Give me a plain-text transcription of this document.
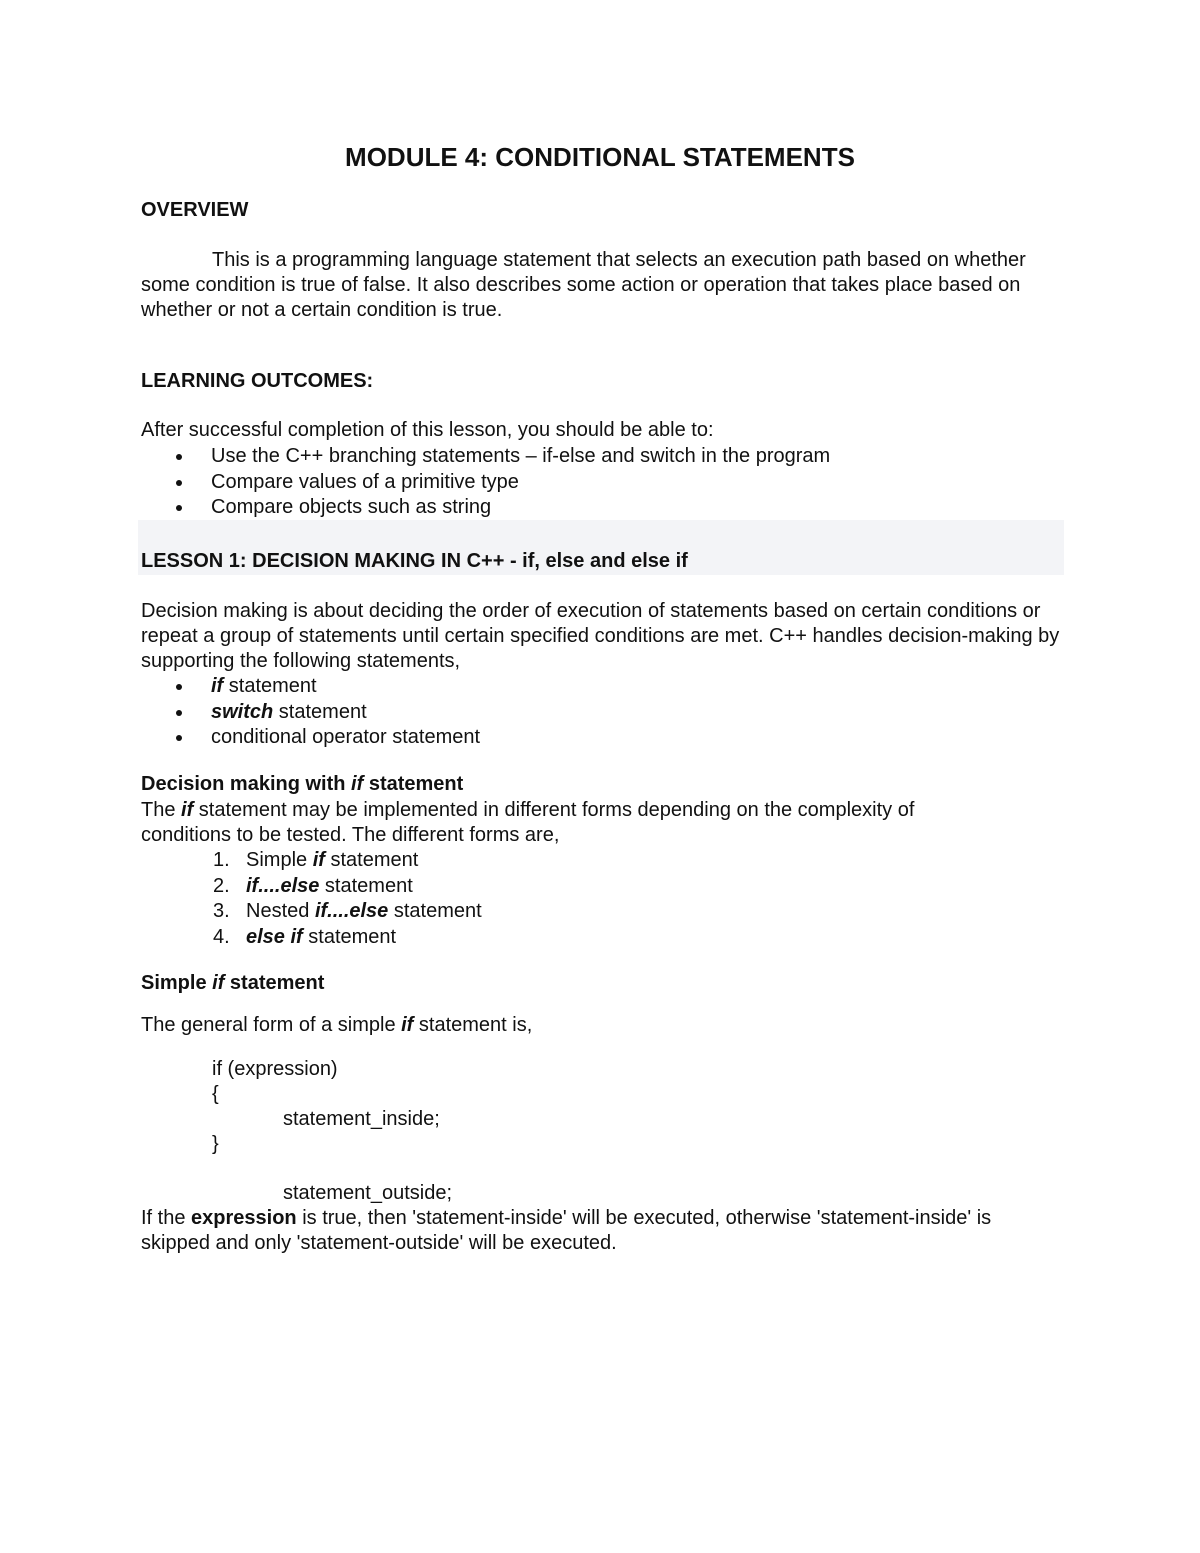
MODULE 4: CONDITIONAL STATEMENTS
OVERVIEW
This is a programming language statement that selects an execution path based on whether some condition is true of false. It also describes some action or operation that takes place based on whether or not a certain condition is true.
LEARNING OUTCOMES:
After successful completion of this lesson, you should be able to:
Use the C++ branching statements – if-else and switch in the program
Compare values of a primitive type
Compare objects such as string
LESSON 1: DECISION MAKING IN C++ - if, else and else if
Decision making is about deciding the order of execution of statements based on certain conditions or repeat a group of statements until certain specified conditions are met. C++ handles decision-making by supporting the following statements,
if statement
switch statement
conditional operator statement
Decision making with if statement
The if statement may be implemented in different forms depending on the complexity of
conditions to be tested. The different forms are,
1. Simple if statement
2. if....else statement
3. Nested if....else statement
4. else if statement
Simple if statement
The general form of a simple if statement is,
if (expression)
{
statement_inside;
}
statement_outside;
If the expression is true, then 'statement-inside' will be executed, otherwise 'statement-inside' is
skipped and only 'statement-outside' will be executed.
